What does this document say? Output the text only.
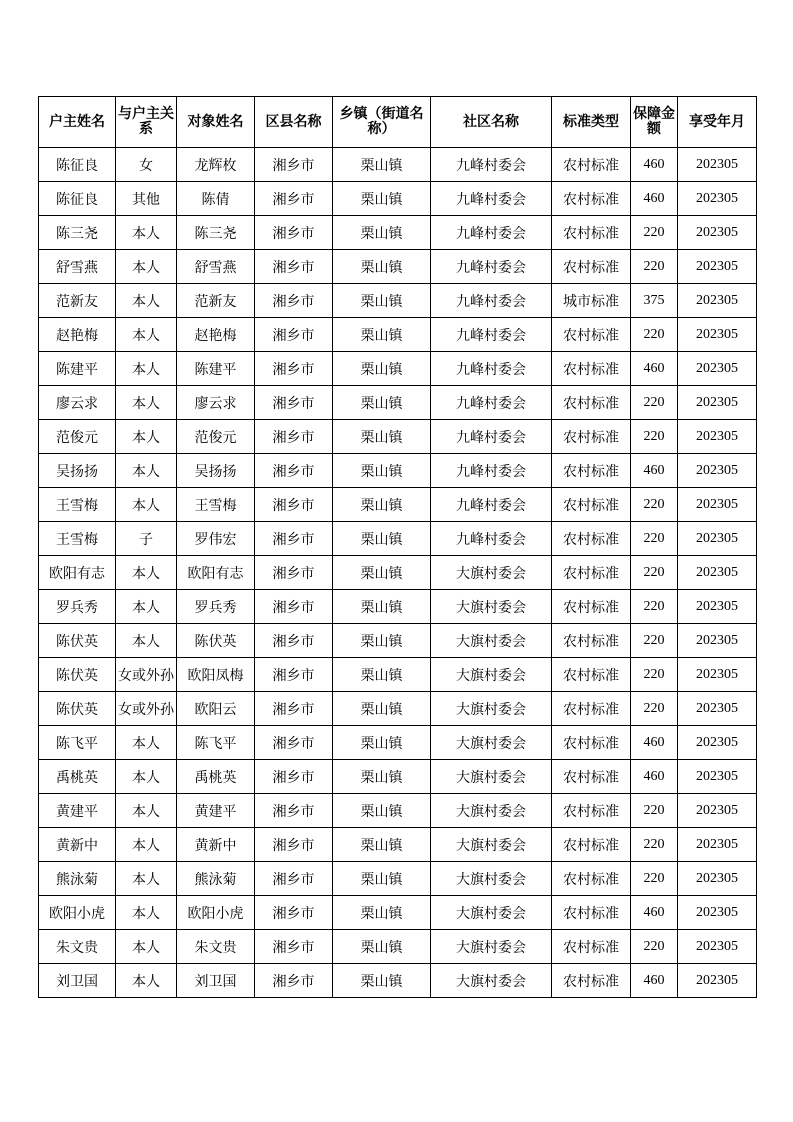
户主姓名	与户主关系	对象姓名	区县名称	乡镇（街道名称）	社区名称	标准类型	保障金额	享受年月
陈征良	女	龙辉枚	湘乡市	栗山镇	九峰村委会	农村标准	460	202305
陈征良	其他	陈倩	湘乡市	栗山镇	九峰村委会	农村标准	460	202305
陈三尧	本人	陈三尧	湘乡市	栗山镇	九峰村委会	农村标准	220	202305
舒雪燕	本人	舒雪燕	湘乡市	栗山镇	九峰村委会	农村标准	220	202305
范新友	本人	范新友	湘乡市	栗山镇	九峰村委会	城市标准	375	202305
赵艳梅	本人	赵艳梅	湘乡市	栗山镇	九峰村委会	农村标准	220	202305
陈建平	本人	陈建平	湘乡市	栗山镇	九峰村委会	农村标准	460	202305
廖云求	本人	廖云求	湘乡市	栗山镇	九峰村委会	农村标准	220	202305
范俊元	本人	范俊元	湘乡市	栗山镇	九峰村委会	农村标准	220	202305
吴扬扬	本人	吴扬扬	湘乡市	栗山镇	九峰村委会	农村标准	460	202305
王雪梅	本人	王雪梅	湘乡市	栗山镇	九峰村委会	农村标准	220	202305
王雪梅	子	罗伟宏	湘乡市	栗山镇	九峰村委会	农村标准	220	202305
欧阳有志	本人	欧阳有志	湘乡市	栗山镇	大旗村委会	农村标准	220	202305
罗兵秀	本人	罗兵秀	湘乡市	栗山镇	大旗村委会	农村标准	220	202305
陈伏英	本人	陈伏英	湘乡市	栗山镇	大旗村委会	农村标准	220	202305
陈伏英	女或外孙	欧阳凤梅	湘乡市	栗山镇	大旗村委会	农村标准	220	202305
陈伏英	女或外孙	欧阳云	湘乡市	栗山镇	大旗村委会	农村标准	220	202305
陈飞平	本人	陈飞平	湘乡市	栗山镇	大旗村委会	农村标准	460	202305
禹桃英	本人	禹桃英	湘乡市	栗山镇	大旗村委会	农村标准	460	202305
黄建平	本人	黄建平	湘乡市	栗山镇	大旗村委会	农村标准	220	202305
黄新中	本人	黄新中	湘乡市	栗山镇	大旗村委会	农村标准	220	202305
熊泳菊	本人	熊泳菊	湘乡市	栗山镇	大旗村委会	农村标准	220	202305
欧阳小虎	本人	欧阳小虎	湘乡市	栗山镇	大旗村委会	农村标准	460	202305
朱文贵	本人	朱文贵	湘乡市	栗山镇	大旗村委会	农村标准	220	202305
刘卫国	本人	刘卫国	湘乡市	栗山镇	大旗村委会	农村标准	460	202305
